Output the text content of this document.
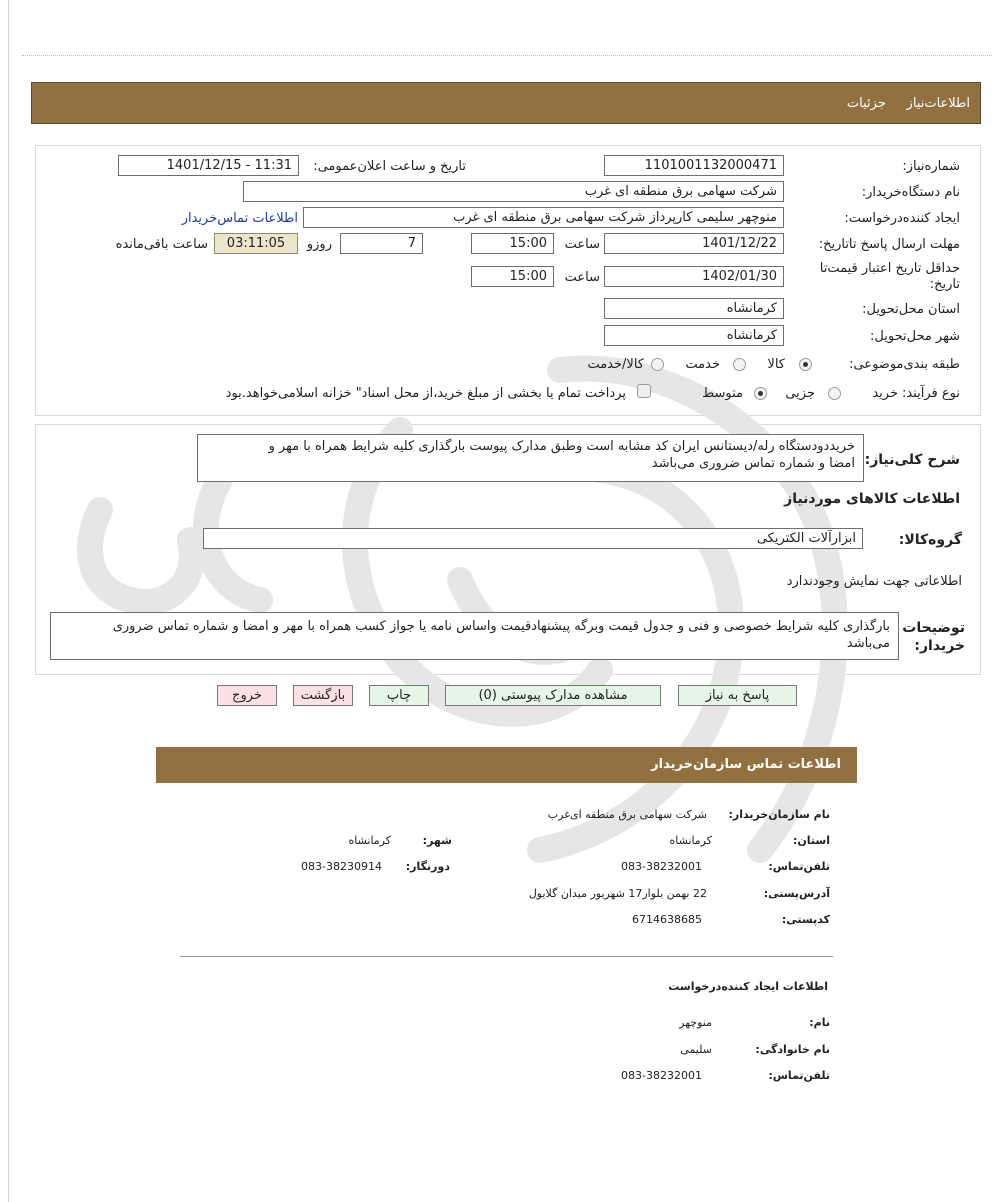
اطلاعات‌نیاز     جزئیات
شماره‌نیاز:
1101001132000471
تاریخ و ساعت اعلان‌عمومی:
1401/12/15 - 11:31
نام دستگاه‌خریدار:
شرکت سهامی برق منطقه ای غرب
ایجاد کننده‌درخواست:
منوچهر سلیمی کارپرداز شرکت سهامی برق منطقه ای غرب
اطلاعات تماس‌خریدار
مهلت ارسال پاسخ تا‌تاریخ:
1401/12/22
ساعت
15:00
7
روزو
03:11:05
ساعت باقی‌مانده
حداقل تاریخ اعتبار قیمت‌تا
تاریخ:
1402/01/30
ساعت
15:00
استان محل‌تحویل:
کرمانشاه
شهر محل‌تحویل:
کرمانشاه
طبقه بندی‌موضوعی:
کالا
خدمت
کالا/خدمت
نوع فرآیند:
خرید
جزیی
متوسط
پرداخت تمام یا بخشی از مبلغ خرید،از محل اسناد" خزانه اسلامی‌خواهد.بود
شرح کلی‌نیاز:
خریددودستگاه رله/دیستانس ایران کد مشابه است وطبق مدارک پیوست بارگذاری کلیه شرایط همراه با مهر و
امضا و شماره تماس ضروری می‌باشد
اطلاعات کالاهای موردنیاز
گروه‌کالا:
ابزارآلات الکتریکی
اطلاعاتی جهت نمایش وجود‌ندارد
توضیحات
خریدار:
بارگذاری کلیه شرایط خصوصی و فنی و جدول قیمت وبرگه پیشنهادقیمت واساس نامه یا جواز کسب همراه با مهر و امضا و شماره تماس ضروری
می‌باشد
پاسخ به نیاز
مشاهده مدارک پیوستی (0)
چاپ
بازگشت
خروج
اطلاعات تماس سازمان‌خریدار
نام سازمان‌خریدار:
شرکت سهامی برق منطقه ای‌غرب
استان:
کرمانشاه
شهر:
کرمانشاه
تلفن‌تماس:
083-38232001
دورنگار:
083-38230914
آدرس‌پستی:
22 بهمن بلوار17 شهریور میدان گلایول
کد‌پستی:
6714638685
اطلاعات ایجاد کننده‌درخواست
نام:
منوچهر
نام خانوادگی:
سلیمی
تلفن‌تماس:
083-38232001
